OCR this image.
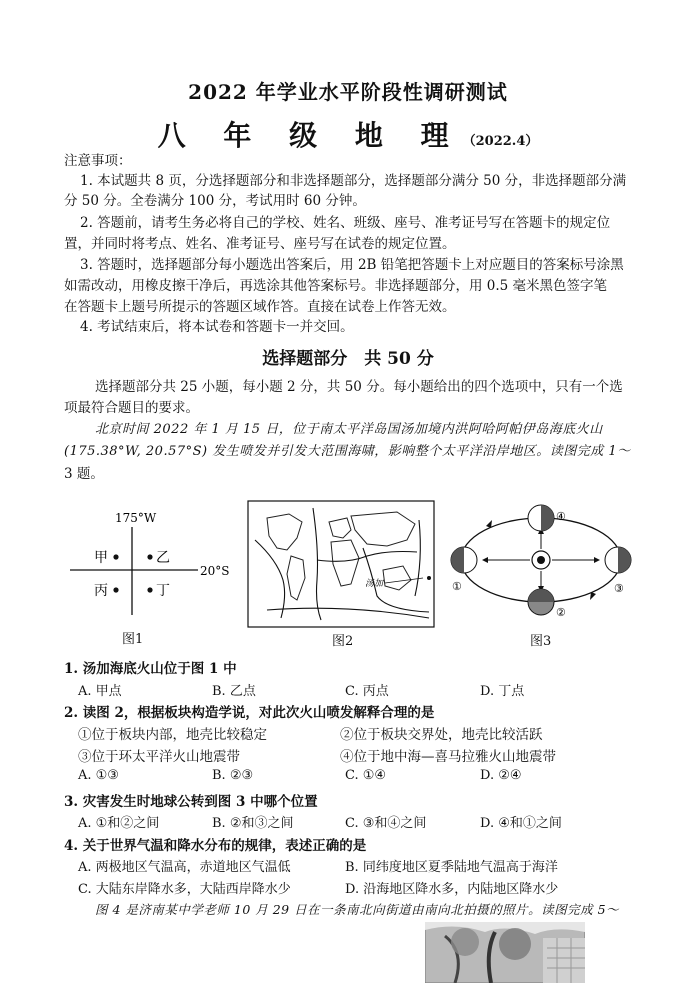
2022 年学业水平阶段性调研测试
八 年 级 地 理（2022.4）
注意事项：
1. 本试题共 8 页，分选择题部分和非选择题部分，选择题部分满分 50 分，非选择题部分满
分 50 分。全卷满分 100 分，考试用时 60 分钟。
2. 答题前，请考生务必将自己的学校、姓名、班级、座号、准考证号写在答题卡的规定位
置，并同时将考点、姓名、准考证号、座号写在试卷的规定位置。
3. 答题时，选择题部分每小题选出答案后，用 2B 铅笔把答题卡上对应题目的答案标号涂黑
如需改动，用橡皮擦干净后，再选涂其他答案标号。非选择题部分，用 0.5 毫米黑色签字笔
在答题卡上题号所提示的答题区域作答。直接在试卷上作答无效。
4. 考试结束后，将本试卷和答题卡一并交回。
选择题部分　共 50 分
选择题部分共 25 小题，每小题 2 分，共 50 分。每小题给出的四个选项中，只有一个选
项最符合题目的要求。
北京时间 2022 年 1 月 15 日，位于南太平洋岛国汤加境内洪阿哈阿帕伊岛海底火山
(175.38°W, 20.57°S) 发生喷发并引发大范围海啸，影响整个太平洋沿岸地区。读图完成 1～
3 题。
175°W
20°S
甲	乙
丙	丁
图1
汤加
图2
④
①	③
②
图3
1. 汤加海底火山位于图 1 中
A. 甲点	B. 乙点	C. 丙点	D. 丁点
2. 读图 2，根据板块构造学说，对此次火山喷发解释合理的是
①位于板块内部，地壳比较稳定	②位于板块交界处，地壳比较活跃
③位于环太平洋火山地震带	④位于地中海—喜马拉雅火山地震带
A. ①③	B. ②③	C. ①④	D. ②④
3. 灾害发生时地球公转到图 3 中哪个位置
A. ①和②之间	B. ②和③之间	C. ③和④之间	D. ④和①之间
4. 关于世界气温和降水分布的规律，表述正确的是
A. 两极地区气温高，赤道地区气温低	B. 同纬度地区夏季陆地气温高于海洋
C. 大陆东岸降水多，大陆西岸降水少	D. 沿海地区降水多，内陆地区降水少
图 4 是济南某中学老师 10 月 29 日在一条南北向街道由南向北拍摄的照片。读图完成 5～
